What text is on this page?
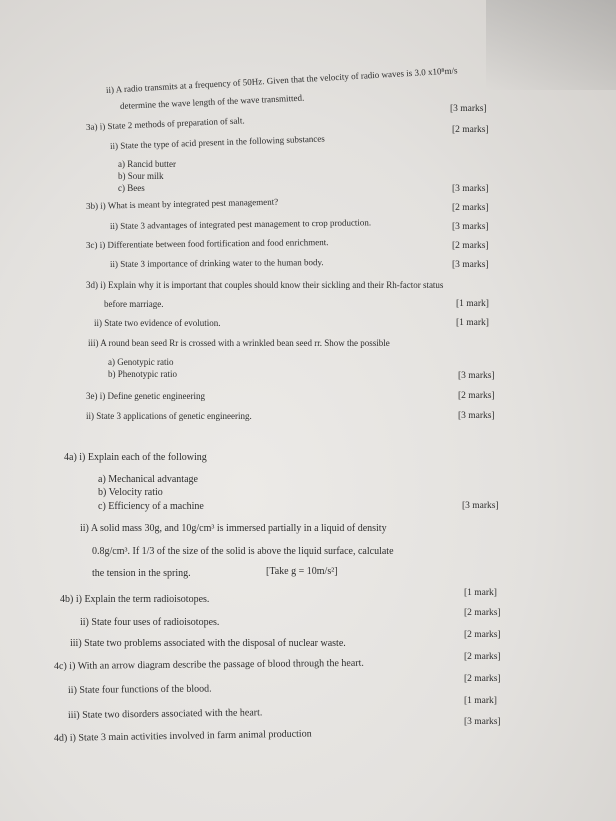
ii) A radio transmits at a frequency of 50Hz. Given that the velocity of radio waves is 3.0 x10⁸m/s
determine the wave length of the wave transmitted.
3a) i) State 2 methods of preparation of salt.
ii) State the type of acid present in the following substances
a) Rancid butter
b) Sour milk
c) Bees
3b) i) What is meant by integrated pest management?
ii) State 3 advantages of integrated pest management to crop production.
3c) i) Differentiate between food fortification and food enrichment.
ii) State 3 importance of drinking water to the human body.
3d) i) Explain why it is important that couples should know their sickling and their Rh-factor status
before marriage.
ii) State two evidence of evolution.
iii) A round bean seed Rr is crossed with a wrinkled bean seed rr. Show the possible
a) Genotypic ratio
b) Phenotypic ratio
3e) i) Define genetic engineering
ii) State 3 applications of genetic engineering.
4a) i) Explain each of the following
a) Mechanical advantage
b) Velocity ratio
c) Efficiency of a machine
ii) A solid mass 30g, and 10g/cm³ is immersed partially in a liquid of density
0.8g/cm³. If 1/3 of the size of the solid is above the liquid surface, calculate
the tension in the spring.	[Take g = 10m/s²]
4b) i) Explain the term radioisotopes.
ii) State four uses of radioisotopes.
iii) State two problems associated with the disposal of nuclear waste.
4c) i) With an arrow diagram describe the passage of blood through the heart.
ii) State four functions of the blood.
iii) State two disorders associated with the heart.
4d) i) State 3 main activities involved in farm animal production
[3 marks]
[2 marks]
[3 marks]
[2 marks]
[3 marks]
[2 marks]
[3 marks]
[1 mark]
[1 mark]
[3 marks]
[2 marks]
[3 marks]
[3 marks]
[1 mark]
[2 marks]
[2 marks]
[2 marks]
[2 marks]
[1 mark]
[3 marks]
